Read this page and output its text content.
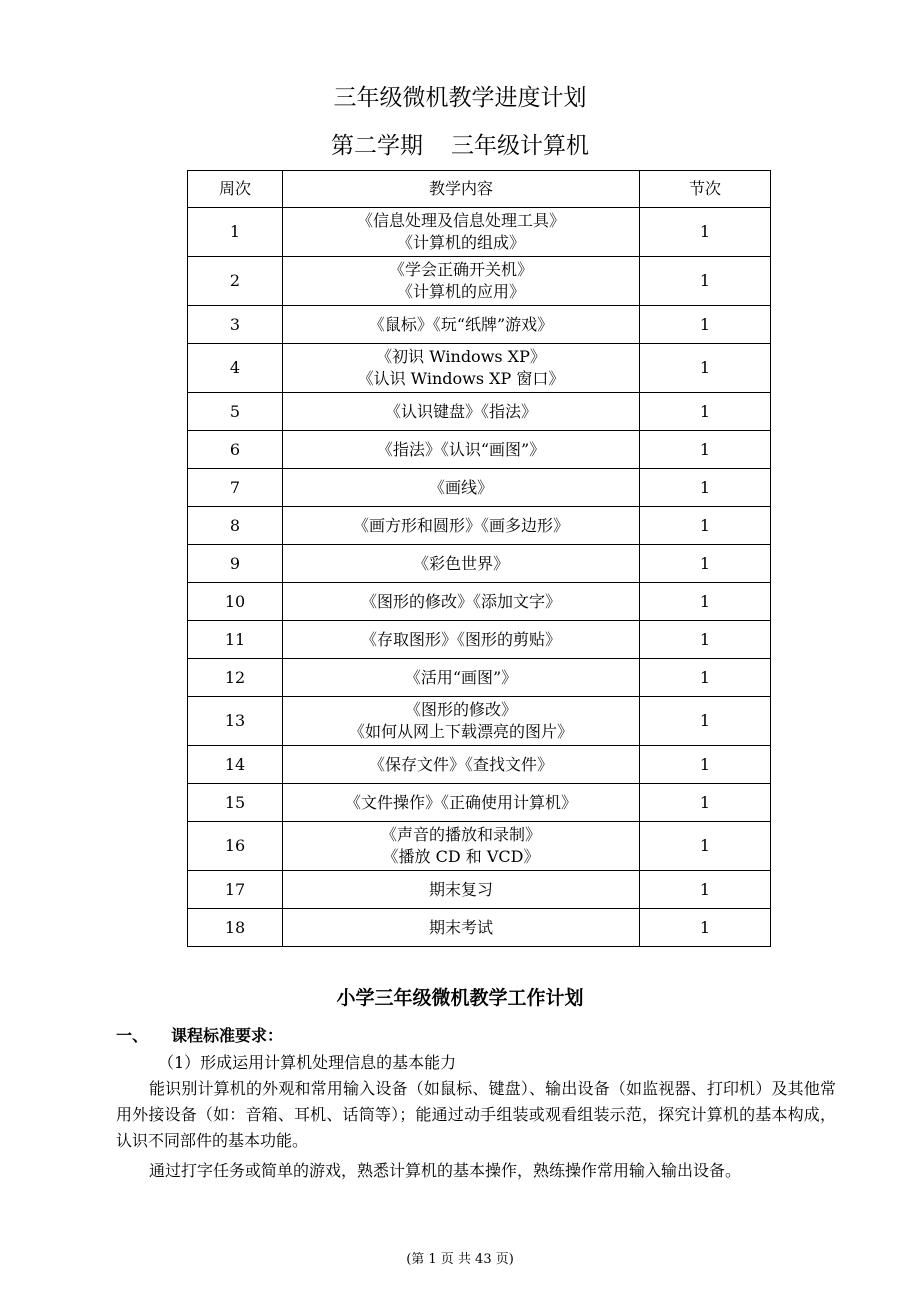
三年级微机教学进度计划
第二学期 三年级计算机
周次	教学内容	节次
1	《信息处理及信息处理工具》
《计算机的组成》	1
2	《学会正确开关机》
《计算机的应用》	1
3	《鼠标》《玩“纸牌”游戏》	1
4	《初识 Windows XP》
《认识 Windows XP 窗口》	1
5	《认识键盘》《指法》	1
6	《指法》《认识“画图”》	1
7	《画线》	1
8	《画方形和圆形》《画多边形》	1
9	《彩色世界》	1
10	《图形的修改》《添加文字》	1
11	《存取图形》《图形的剪贴》	1
12	《活用“画图”》	1
13	《图形的修改》
《如何从网上下载漂亮的图片》	1
14	《保存文件》《查找文件》	1
15	《文件操作》《正确使用计算机》	1
16	《声音的播放和录制》
《播放 CD 和 VCD》	1
17	期末复习	1
18	期末考试	1
小学三年级微机教学工作计划
一、 课程标准要求：
（1）形成运用计算机处理信息的基本能力
能识别计算机的外观和常用输入设备（如鼠标、键盘）、输出设备（如监视器、打印机）及其他常用外接设备（如：音箱、耳机、话筒等）；能通过动手组装或观看组装示范，探究计算机的基本构成，认识不同部件的基本功能。
通过打字任务或简单的游戏，熟悉计算机的基本操作，熟练操作常用输入输出设备。
(第 1 页 共 43 页)
